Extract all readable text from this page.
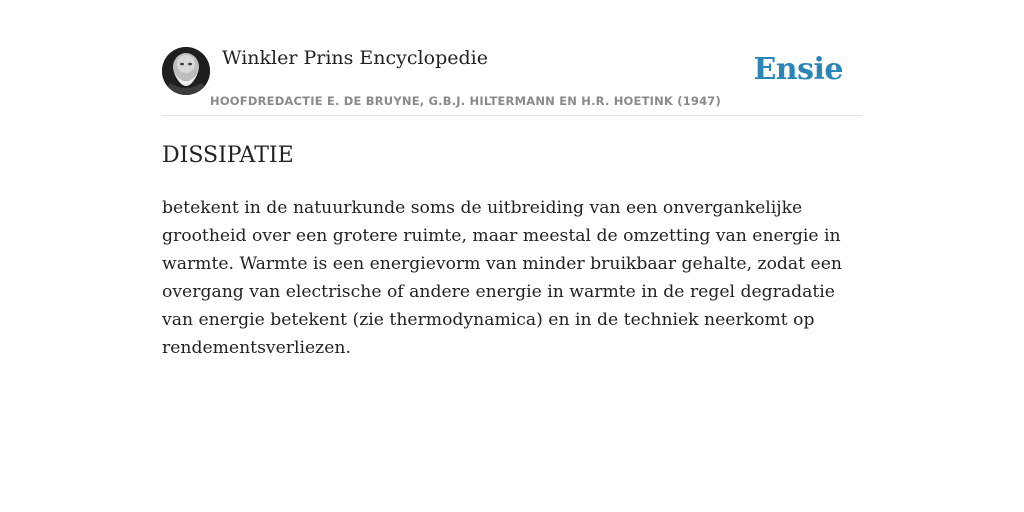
Winkler Prins Encyclopedie
HOOFDREDACTIE E. DE BRUYNE, G.B.J. HILTERMANN EN H.R. HOETINK (1947)
Ensie
DISSIPATIE

betekent in de natuurkunde soms de uitbreiding van een onvergankelijke grootheid over een grotere ruimte, maar meestal de omzetting van energie in warmte. Warmte is een energievorm van minder bruikbaar gehalte, zodat een overgang van electrische of andere energie in warmte in de regel degradatie van energie betekent (zie thermodynamica) en in de techniek neerkomt op rendementsverliezen.
